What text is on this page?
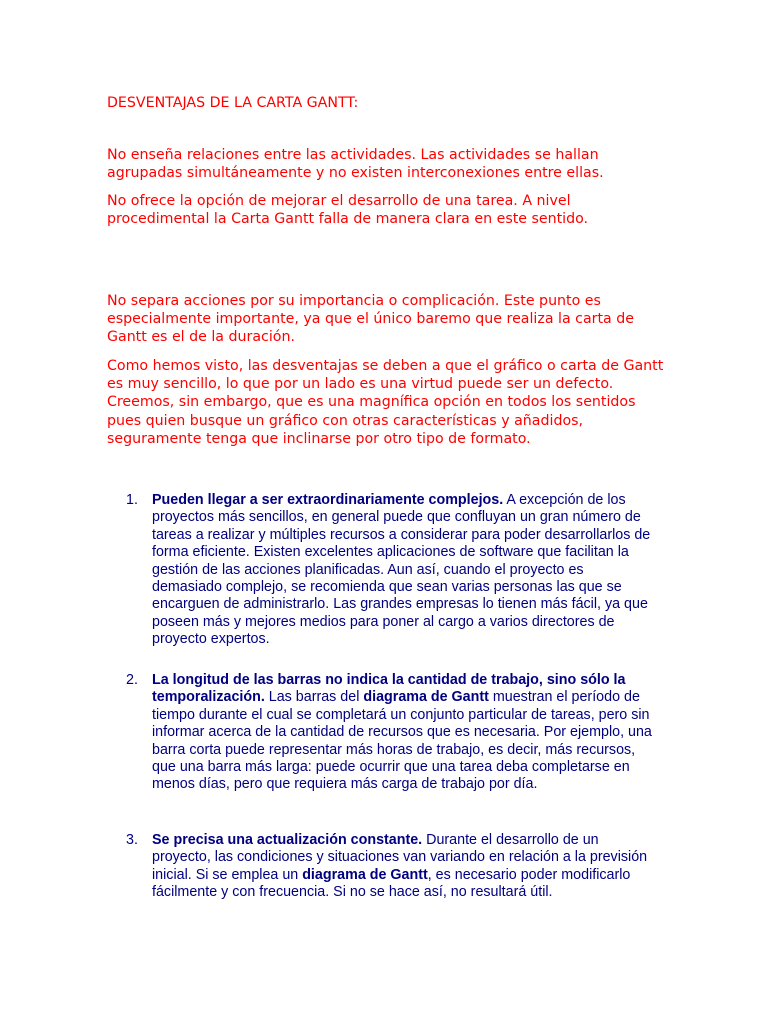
DESVENTAJAS DE LA CARTA GANTT:

No enseña relaciones entre las actividades. Las actividades se hallan agrupadas simultáneamente y no existen interconexiones entre ellas.

No ofrece la opción de mejorar el desarrollo de una tarea. A nivel procedimental la Carta Gantt falla de manera clara en este sentido.

No separa acciones por su importancia o complicación. Este punto es especialmente importante, ya que el único baremo que realiza la carta de Gantt es el de la duración.

Como hemos visto, las desventajas se deben a que el gráfico o carta de Gantt es muy sencillo, lo que por un lado es una virtud puede ser un defecto. Creemos, sin embargo, que es una magnífica opción en todos los sentidos pues quien busque un gráfico con otras características y añadidos, seguramente tenga que inclinarse por otro tipo de formato.

1. Pueden llegar a ser extraordinariamente complejos. A excepción de los proyectos más sencillos, en general puede que confluyan un gran número de tareas a realizar y múltiples recursos a considerar para poder desarrollarlos de forma eficiente. Existen excelentes aplicaciones de software que facilitan la gestión de las acciones planificadas. Aun así, cuando el proyecto es demasiado complejo, se recomienda que sean varias personas las que se encarguen de administrarlo. Las grandes empresas lo tienen más fácil, ya que poseen más y mejores medios para poner al cargo a varios directores de proyecto expertos.

2. La longitud de las barras no indica la cantidad de trabajo, sino sólo la temporalización. Las barras del diagrama de Gantt muestran el período de tiempo durante el cual se completará un conjunto particular de tareas, pero sin informar acerca de la cantidad de recursos que es necesaria. Por ejemplo, una barra corta puede representar más horas de trabajo, es decir, más recursos, que una barra más larga: puede ocurrir que una tarea deba completarse en menos días, pero que requiera más carga de trabajo por día.

3. Se precisa una actualización constante. Durante el desarrollo de un proyecto, las condiciones y situaciones van variando en relación a la previsión inicial. Si se emplea un diagrama de Gantt, es necesario poder modificarlo fácilmente y con frecuencia. Si no se hace así, no resultará útil.
